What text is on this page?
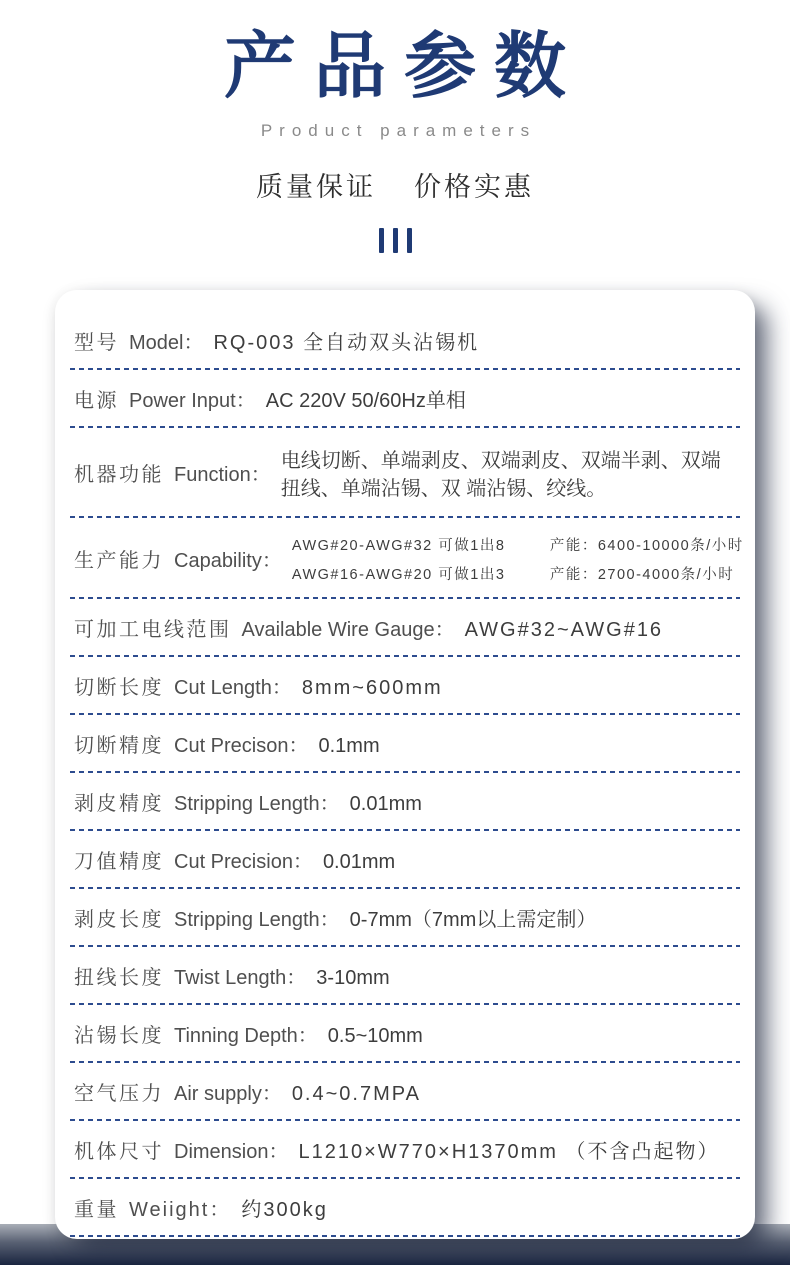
产品参数
Product parameters
质量保证 价格实惠
型号 Model： RQ-003 全自动双头沾锡机
电源 Power Input： AC 220V 50/60Hz单相
机器功能 Function：
电线切断、单端剥皮、双端剥皮、双端半剥、双端扭线、单端沾锡、双 端沾锡、绞线。
生产能力 Capability：
AWG#20-AWG#32 可做1出8	产能：6400-10000条/小时
AWG#16-AWG#20 可做1出3	产能：2700-4000条/小时
可加工电线范围 Available Wire Gauge： AWG#32~AWG#16
切断长度 Cut Length： 8mm~600mm
切断精度 Cut Precison： 0.1mm
剥皮精度 Stripping Length： 0.01mm
刀值精度 Cut Precision： 0.01mm
剥皮长度 Stripping Length： 0-7mm（7mm以上需定制）
扭线长度 Twist Length： 3-10mm
沾锡长度 Tinning Depth： 0.5~10mm
空气压力 Air supply： 0.4~0.7MPA
机体尺寸 Dimension： L1210×W770×H1370mm （不含凸起物）
重量 Weiight： 约300kg
